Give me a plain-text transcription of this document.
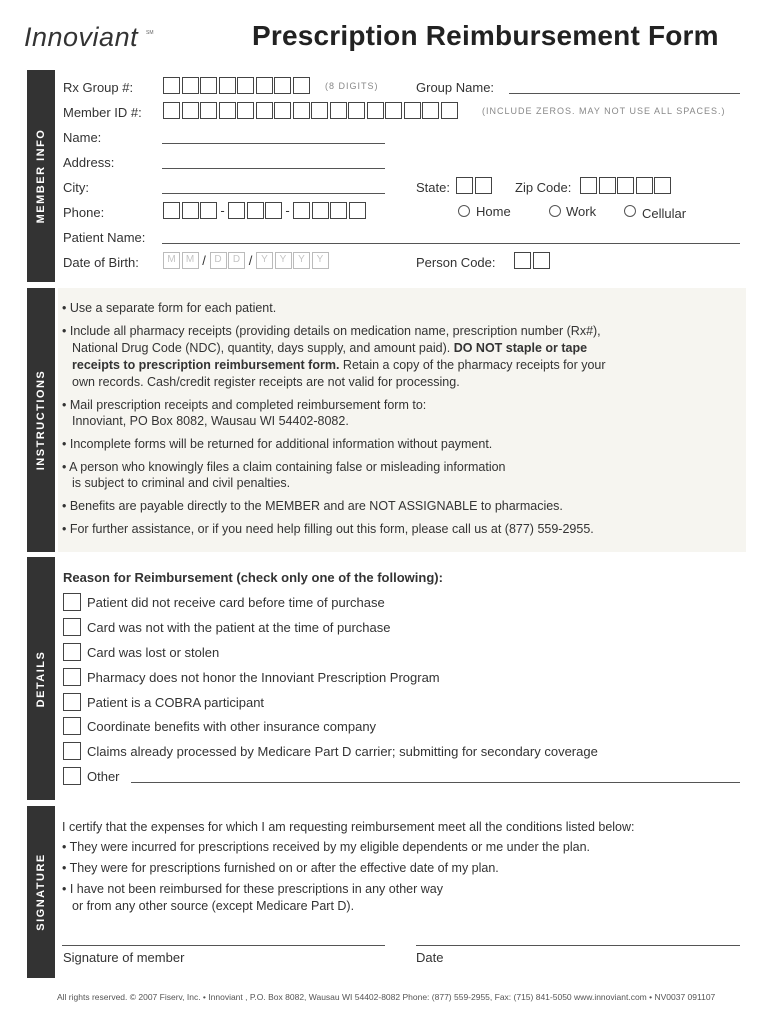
Innoviant SM	Prescription Reimbursement Form
MEMBER INFO
INSTRUCTIONS
DETAILS
SIGNATURE
Rx Group #:	(8 DIGITS)	Group Name:
Member ID #:	(INCLUDE ZEROS. MAY NOT USE ALL SPACES.)
Name:
Address:
City:	State:	Zip Code:
Phone:	-	-	Home	Work	Cellular
Patient Name:
Date of Birth:	M	M / D	D / Y	Y	Y	Y	Person Code:
• Use a separate form for each patient.
• Include all pharmacy receipts (providing details on medication name, prescription number (Rx#),
National Drug Code (NDC), quantity, days supply, and amount paid). DO NOT staple or tape
receipts to prescription reimbursement form. Retain a copy of the pharmacy receipts for your
own records. Cash/credit register receipts are not valid for processing.
• Mail prescription receipts and completed reimbursement form to:
Innoviant, PO Box 8082, Wausau WI 54402-8082.
• Incomplete forms will be returned for additional information without payment.
• A person who knowingly files a claim containing false or misleading information
is subject to criminal and civil penalties.
• Benefits are payable directly to the MEMBER and are NOT ASSIGNABLE to pharmacies.
• For further assistance, or if you need help filling out this form, please call us at (877) 559-2955.
Reason for Reimbursement (check only one of the following):
Patient did not receive card before time of purchase
Card was not with the patient at the time of purchase
Card was lost or stolen
Pharmacy does not honor the Innoviant Prescription Program
Patient is a COBRA participant
Coordinate benefits with other insurance company
Claims already processed by Medicare Part D carrier; submitting for secondary coverage
Other
I certify that the expenses for which I am requesting reimbursement meet all the conditions listed below:
• They were incurred for prescriptions received by my eligible dependents or me under the plan.
• They were for prescriptions furnished on or after the effective date of my plan.
• I have not been reimbursed for these prescriptions in any other way
or from any other source (except Medicare Part D).
Signature of member	Date
All rights reserved. © 2007 Fiserv, Inc. • Innoviant , P.O. Box 8082, Wausau WI 54402-8082 Phone: (877) 559-2955, Fax: (715) 841-5050 www.innoviant.com • NV0037 091107
